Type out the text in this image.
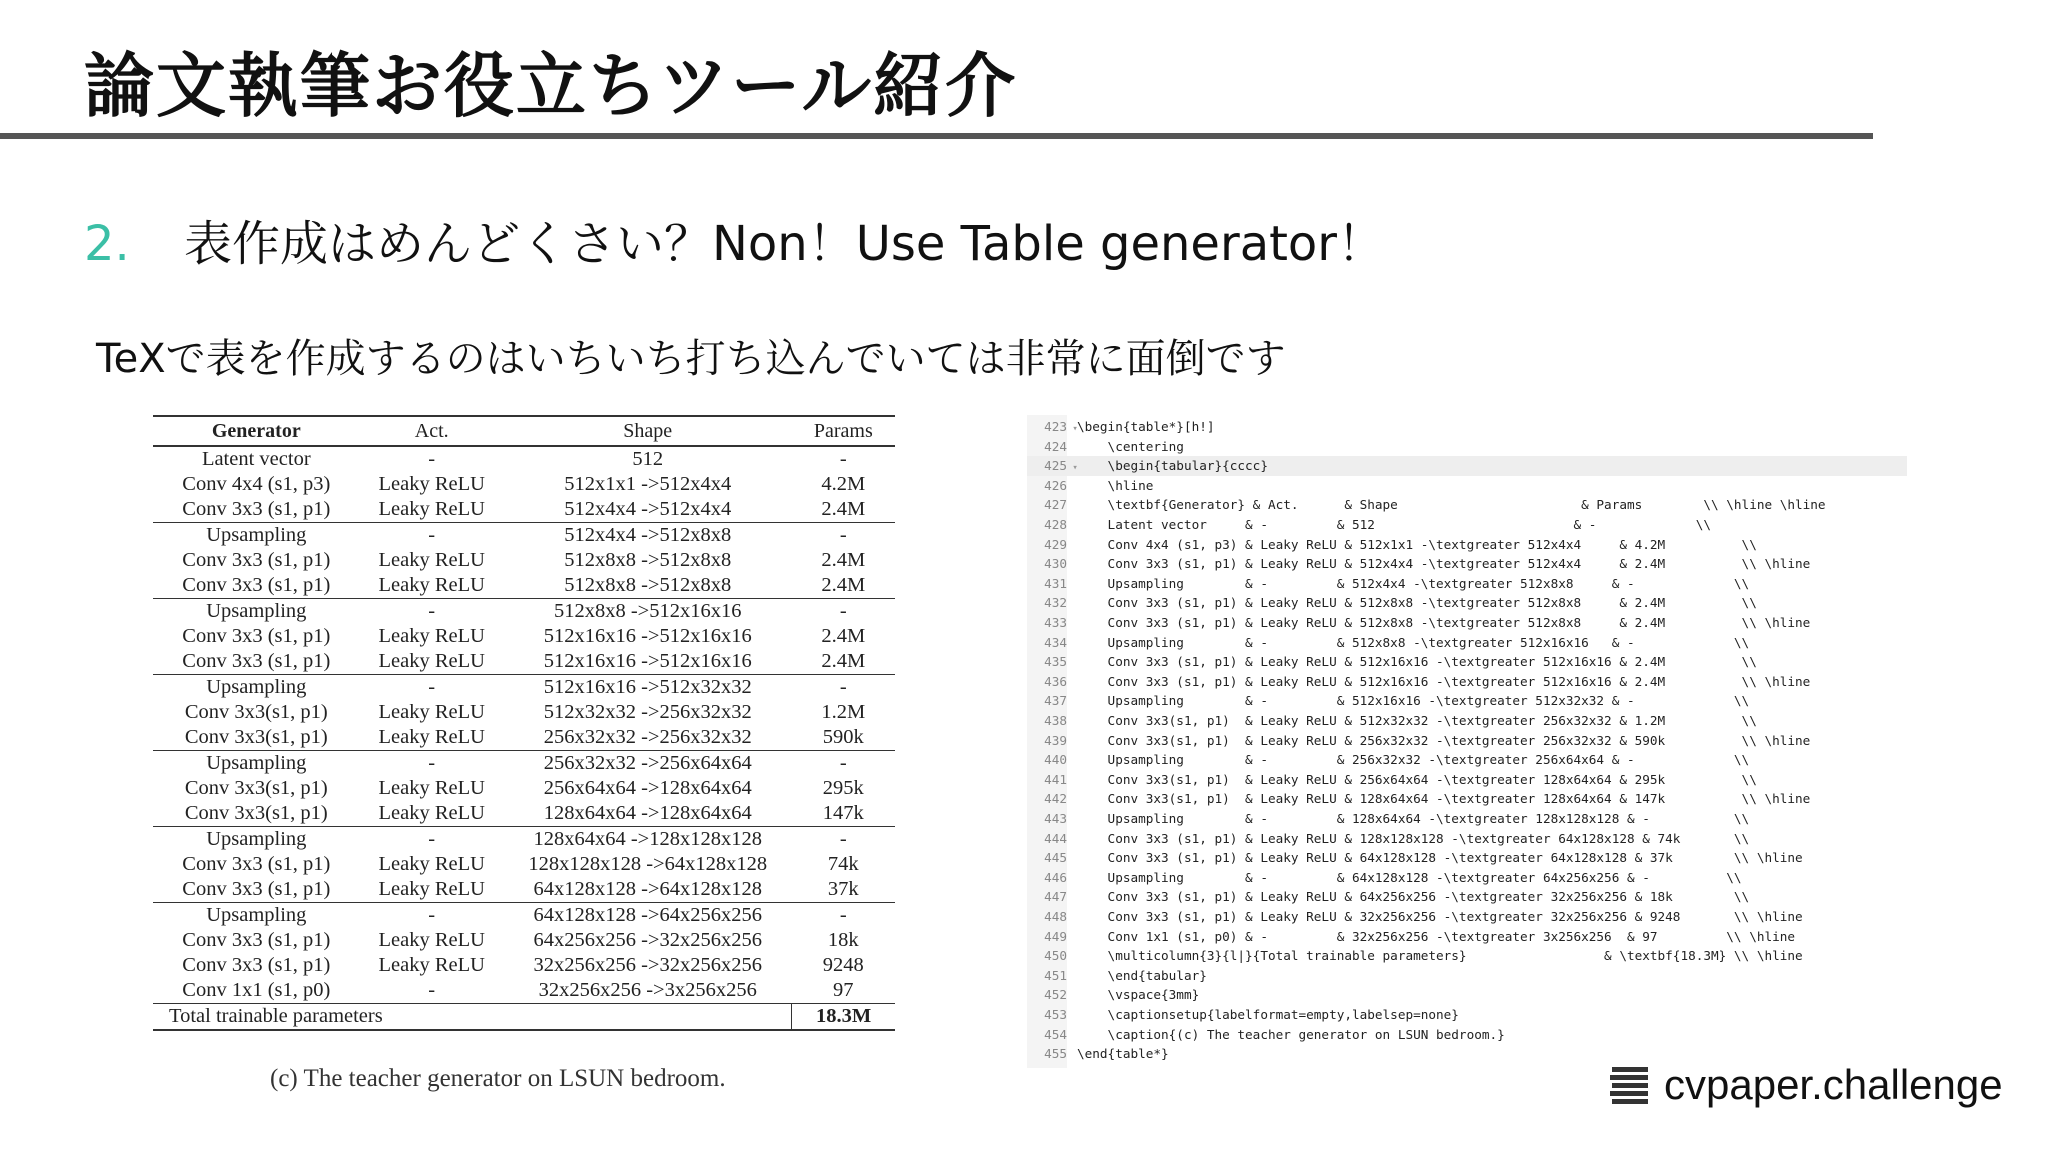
論文執筆お役立ちツール紹介
2. 表作成はめんどくさい？Non！Use Table generator！
TeXで表を作成するのはいちいち打ち込んでいては非常に面倒です
Generator	Act.	Shape	Params
Latent vector	-	512	-
Conv 4x4 (s1, p3)	Leaky ReLU	512x1x1 ->512x4x4	4.2M
Conv 3x3 (s1, p1)	Leaky ReLU	512x4x4 ->512x4x4	2.4M
Upsampling	-	512x4x4 ->512x8x8	-
Conv 3x3 (s1, p1)	Leaky ReLU	512x8x8 ->512x8x8	2.4M
Conv 3x3 (s1, p1)	Leaky ReLU	512x8x8 ->512x8x8	2.4M
Upsampling	-	512x8x8 ->512x16x16	-
Conv 3x3 (s1, p1)	Leaky ReLU	512x16x16 ->512x16x16	2.4M
Conv 3x3 (s1, p1)	Leaky ReLU	512x16x16 ->512x16x16	2.4M
Upsampling	-	512x16x16 ->512x32x32	-
Conv 3x3(s1, p1)	Leaky ReLU	512x32x32 ->256x32x32	1.2M
Conv 3x3(s1, p1)	Leaky ReLU	256x32x32 ->256x32x32	590k
Upsampling	-	256x32x32 ->256x64x64	-
Conv 3x3(s1, p1)	Leaky ReLU	256x64x64 ->128x64x64	295k
Conv 3x3(s1, p1)	Leaky ReLU	128x64x64 ->128x64x64	147k
Upsampling	-	128x64x64 ->128x128x128	-
Conv 3x3 (s1, p1)	Leaky ReLU	128x128x128 ->64x128x128	74k
Conv 3x3 (s1, p1)	Leaky ReLU	64x128x128 ->64x128x128	37k
Upsampling	-	64x128x128 ->64x256x256	-
Conv 3x3 (s1, p1)	Leaky ReLU	64x256x256 ->32x256x256	18k
Conv 3x3 (s1, p1)	Leaky ReLU	32x256x256 ->32x256x256	9248
Conv 1x1 (s1, p0)	-	32x256x256 ->3x256x256	97
Total trainable parameters			18.3M
(c) The teacher generator on LSUN bedroom.
423 ▾\begin{table*}[h!]
424      \centering
425 ▾    \begin{tabular}{cccc}
426      \hline
427      \textbf{Generator} & Act.      & Shape                        & Params        \\ \hline \hline
428      Latent vector     & -         & 512                          & -             \\
429      Conv 4x4 (s1, p3) & Leaky ReLU & 512x1x1 -\textgreater 512x4x4     & 4.2M          \\
430      Conv 3x3 (s1, p1) & Leaky ReLU & 512x4x4 -\textgreater 512x4x4     & 2.4M          \\ \hline
431      Upsampling        & -         & 512x4x4 -\textgreater 512x8x8     & -             \\
432      Conv 3x3 (s1, p1) & Leaky ReLU & 512x8x8 -\textgreater 512x8x8     & 2.4M          \\
433      Conv 3x3 (s1, p1) & Leaky ReLU & 512x8x8 -\textgreater 512x8x8     & 2.4M          \\ \hline
434      Upsampling        & -         & 512x8x8 -\textgreater 512x16x16   & -             \\
435      Conv 3x3 (s1, p1) & Leaky ReLU & 512x16x16 -\textgreater 512x16x16 & 2.4M          \\
436      Conv 3x3 (s1, p1) & Leaky ReLU & 512x16x16 -\textgreater 512x16x16 & 2.4M          \\ \hline
437      Upsampling        & -         & 512x16x16 -\textgreater 512x32x32 & -             \\
438      Conv 3x3(s1, p1)  & Leaky ReLU & 512x32x32 -\textgreater 256x32x32 & 1.2M          \\
439      Conv 3x3(s1, p1)  & Leaky ReLU & 256x32x32 -\textgreater 256x32x32 & 590k          \\ \hline
440      Upsampling        & -         & 256x32x32 -\textgreater 256x64x64 & -             \\
441      Conv 3x3(s1, p1)  & Leaky ReLU & 256x64x64 -\textgreater 128x64x64 & 295k          \\
442      Conv 3x3(s1, p1)  & Leaky ReLU & 128x64x64 -\textgreater 128x64x64 & 147k          \\ \hline
443      Upsampling        & -         & 128x64x64 -\textgreater 128x128x128 & -           \\
444      Conv 3x3 (s1, p1) & Leaky ReLU & 128x128x128 -\textgreater 64x128x128 & 74k       \\
445      Conv 3x3 (s1, p1) & Leaky ReLU & 64x128x128 -\textgreater 64x128x128 & 37k        \\ \hline
446      Upsampling        & -         & 64x128x128 -\textgreater 64x256x256 & -          \\
447      Conv 3x3 (s1, p1) & Leaky ReLU & 64x256x256 -\textgreater 32x256x256 & 18k        \\
448      Conv 3x3 (s1, p1) & Leaky ReLU & 32x256x256 -\textgreater 32x256x256 & 9248       \\ \hline
449      Conv 1x1 (s1, p0) & -         & 32x256x256 -\textgreater 3x256x256  & 97         \\ \hline
450      \multicolumn{3}{l|}{Total trainable parameters}                  & \textbf{18.3M} \\ \hline
451      \end{tabular}
452      \vspace{3mm}
453      \captionsetup{labelformat=empty,labelsep=none}
454      \caption{(c) The teacher generator on LSUN bedroom.}
455 \end{table*}
cvpaper.challenge
